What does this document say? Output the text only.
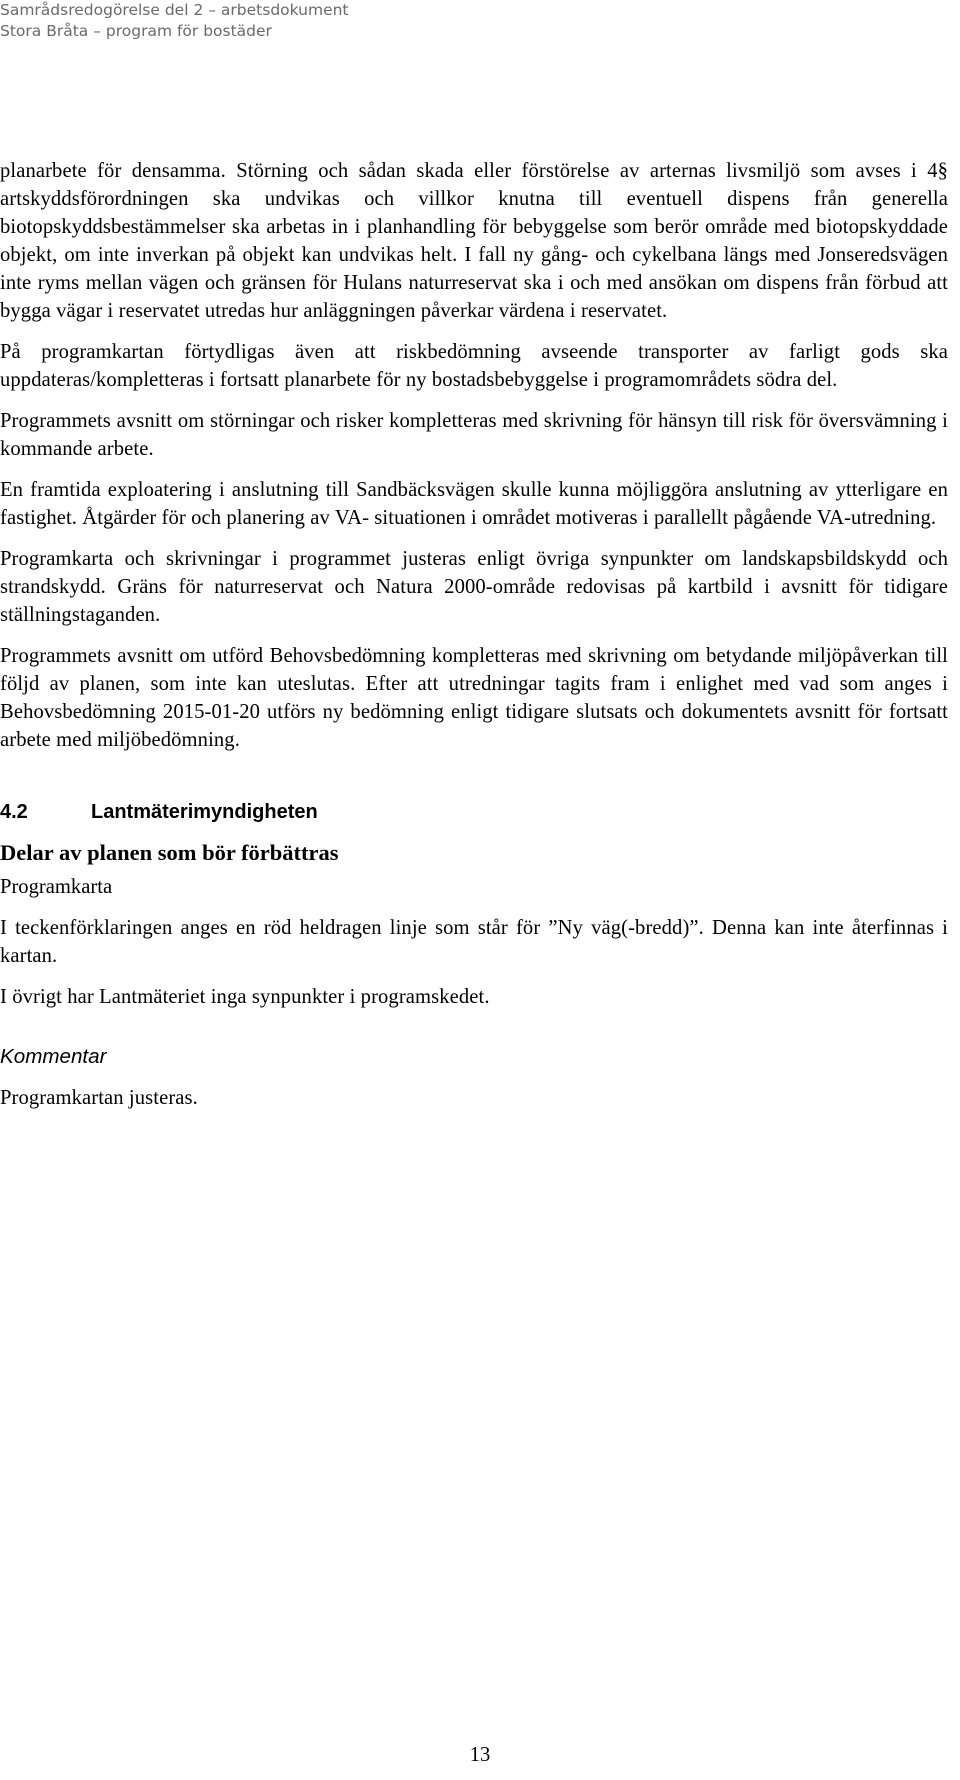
Samrådsredogörelse del 2 – arbetsdokument
Stora Bråta – program för bostäder

planarbete för densamma. Störning och sådan skada eller förstörelse av arternas livsmiljö som avses i 4§ artskyddsförordningen ska undvikas och villkor knutna till eventuell dispens från generella biotopskyddsbestämmelser ska arbetas in i planhandling för bebyggelse som berör område med biotopskyddade objekt, om inte inverkan på objekt kan undvikas helt. I fall ny gång- och cykelbana längs med Jonseredsvägen inte ryms mellan vägen och gränsen för Hulans naturreservat ska i och med ansökan om dispens från förbud att bygga vägar i reservatet utredas hur anläggningen påverkar värdena i reservatet.

På programkartan förtydligas även att riskbedömning avseende transporter av farligt gods ska uppdateras/kompletteras i fortsatt planarbete för ny bostadsbebyggelse i programområdets södra del.

Programmets avsnitt om störningar och risker kompletteras med skrivning för hänsyn till risk för översvämning i kommande arbete.

En framtida exploatering i anslutning till Sandbäcksvägen skulle kunna möjliggöra anslutning av ytterligare en fastighet. Åtgärder för och planering av VA- situationen i området motiveras i parallellt pågående VA-utredning.

Programkarta och skrivningar i programmet justeras enligt övriga synpunkter om landskapsbildskydd och strandskydd. Gräns för naturreservat och Natura 2000-område redovisas på kartbild i avsnitt för tidigare ställningstaganden.

Programmets avsnitt om utförd Behovsbedömning kompletteras med skrivning om betydande miljöpåverkan till följd av planen, som inte kan uteslutas. Efter att utredningar tagits fram i enlighet med vad som anges i Behovsbedömning 2015-01-20 utförs ny bedömning enligt tidigare slutsats och dokumentets avsnitt för fortsatt arbete med miljöbedömning.

4.2	Lantmäterimyndigheten
Delar av planen som bör förbättras
Programkarta

I teckenförklaringen anges en röd heldragen linje som står för ”Ny väg(-bredd)”. Denna kan inte återfinnas i kartan.

I övrigt har Lantmäteriet inga synpunkter i programskedet.

Kommentar

Programkartan justeras.

13
